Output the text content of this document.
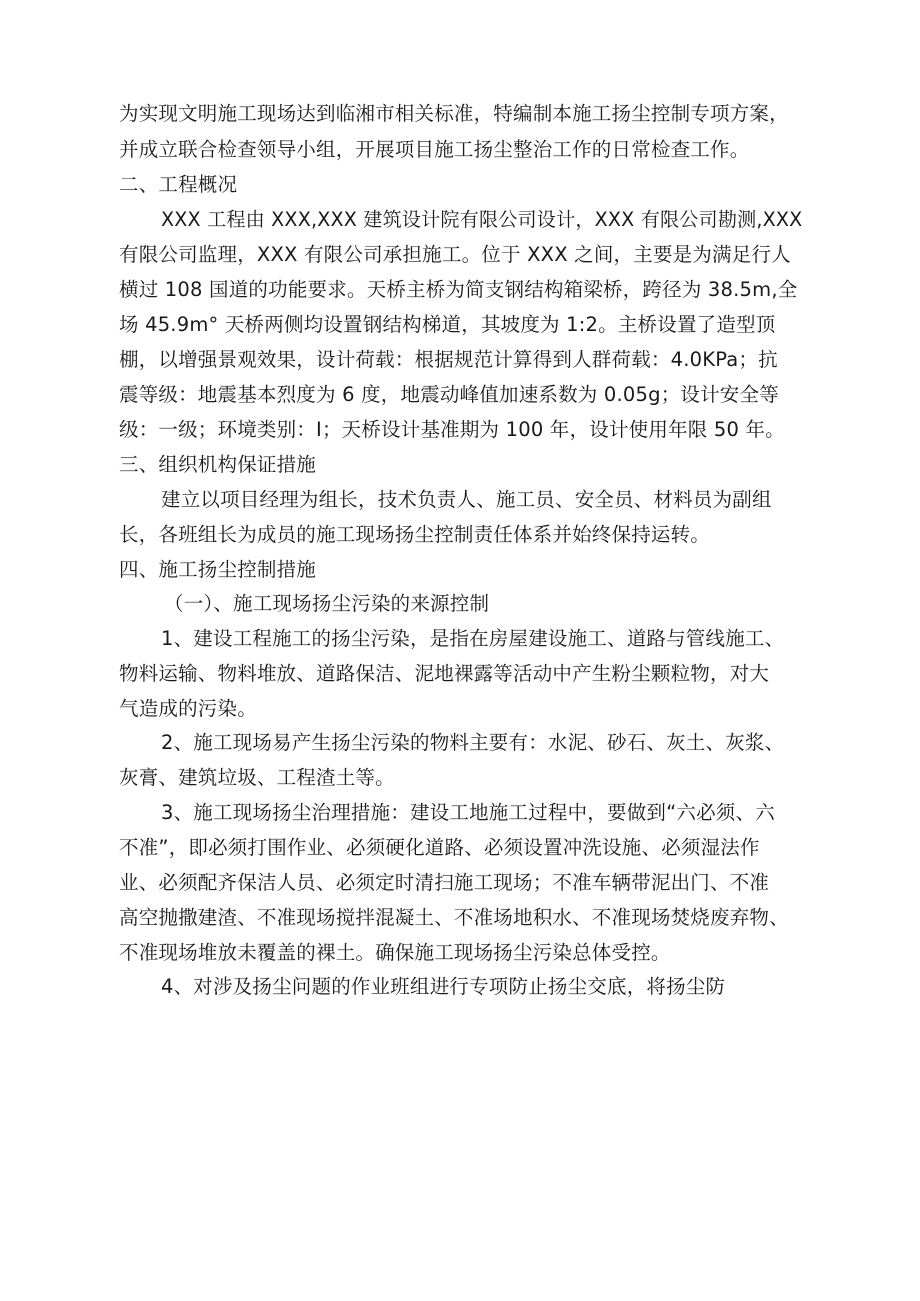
为实现文明施工现场达到临湘市相关标准，特编制本施工扬尘控制专项方案，
并成立联合检查领导小组，开展项目施工扬尘整治工作的日常检查工作。
二、工程概况
XXX 工程由 XXX,XXX 建筑设计院有限公司设计，XXX 有限公司勘测,XXX
有限公司监理，XXX 有限公司承担施工。位于 XXX 之间，主要是为满足行人
横过 108 国道的功能要求。天桥主桥为简支钢结构箱梁桥，跨径为 38.5m,全
场 45.9m° 天桥两侧均设置钢结构梯道，其坡度为 1:2。主桥设置了造型顶
棚，以增强景观效果，设计荷载：根据规范计算得到人群荷载：4.0KPa；抗
震等级：地震基本烈度为 6 度，地震动峰值加速系数为 0.05g；设计安全等
级：一级；环境类别：I；天桥设计基准期为 100 年，设计使用年限 50 年。
三、组织机构保证措施
建立以项目经理为组长，技术负责人、施工员、安全员、材料员为副组
长，各班组长为成员的施工现场扬尘控制责任体系并始终保持运转。
四、施工扬尘控制措施
（一）、施工现场扬尘污染的来源控制
1、建设工程施工的扬尘污染，是指在房屋建设施工、道路与管线施工、
物料运输、物料堆放、道路保洁、泥地裸露等活动中产生粉尘颗粒物，对大
气造成的污染。
2、施工现场易产生扬尘污染的物料主要有：水泥、砂石、灰土、灰浆、
灰膏、建筑垃圾、工程渣土等。
3、施工现场扬尘治理措施：建设工地施工过程中，要做到“六必须、六
不准”，即必须打围作业、必须硬化道路、必须设置冲洗设施、必须湿法作
业、必须配齐保洁人员、必须定时清扫施工现场；不准车辆带泥出门、不准
高空抛撒建渣、不准现场搅拌混凝土、不准场地积水、不准现场焚烧废弃物、
不准现场堆放未覆盖的裸土。确保施工现场扬尘污染总体受控。
4、对涉及扬尘问题的作业班组进行专项防止扬尘交底，将扬尘防
